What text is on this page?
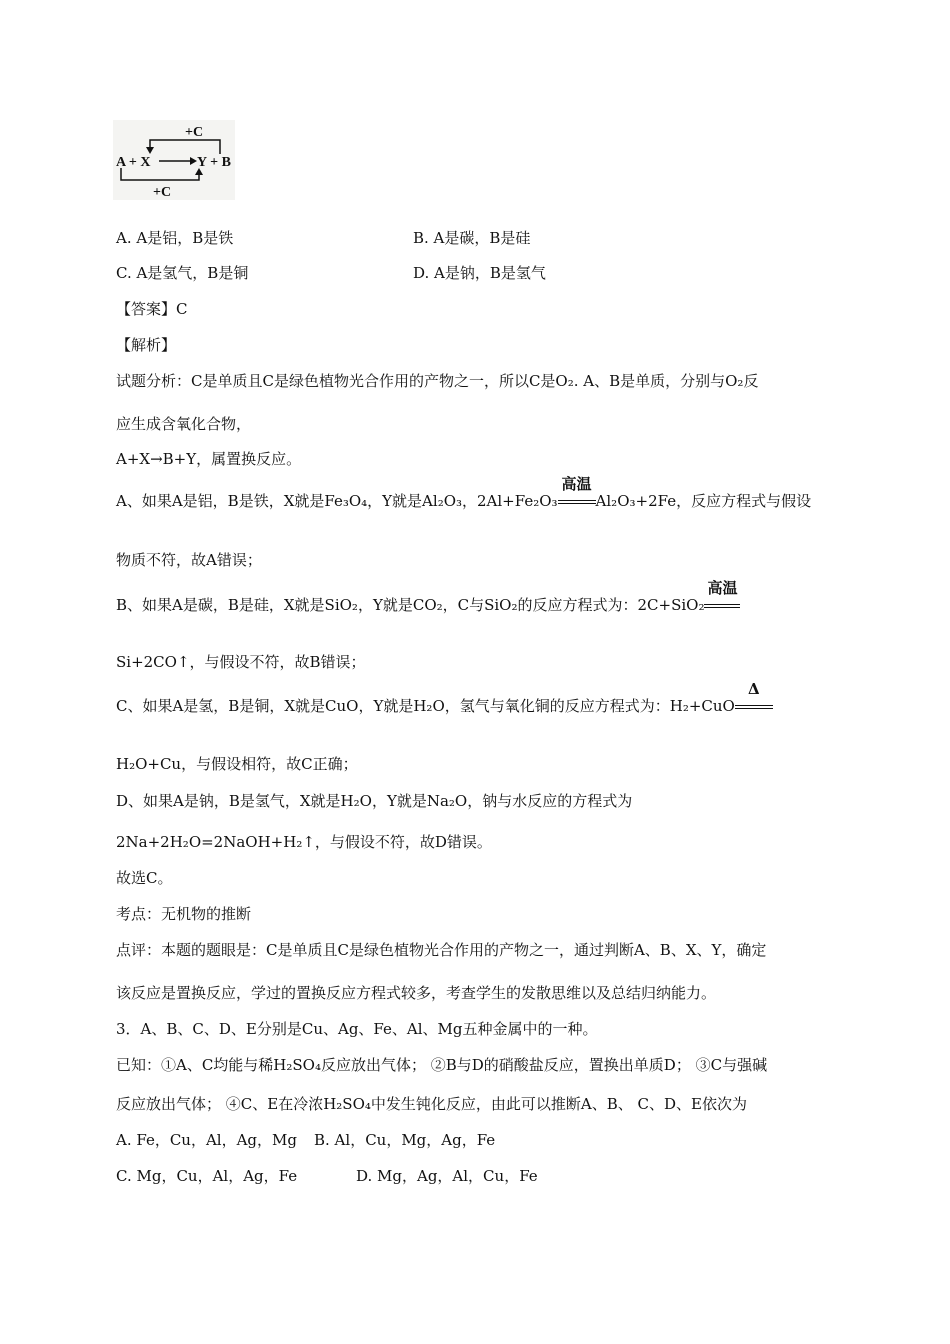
+C
A + X	Y + B
+C
A. A是铝，B是铁	B. A是碳，B是硅
C. A是氢气，B是铜	D. A是钠，B是氢气
【答案】C
【解析】
试题分析：C是单质且C是绿色植物光合作用的产物之一，所以C是O₂. A、B是单质，分别与O₂反
应生成含氧化合物，
A+X→B+Y，属置换反应。
A、如果A是铝，B是铁，X就是Fe₃O₄，Y就是Al₂O₃，2Al+Fe₂O₃
高温
Al₂O₃+2Fe，反应方程式与假设
物质不符，故A错误；
B、如果A是碳，B是硅，X就是SiO₂，Y就是CO₂，C与SiO₂的反应方程式为：2C+SiO₂
高温
Si+2CO↑，与假设不符，故B错误；
C、如果A是氢，B是铜，X就是CuO，Y就是H₂O，氢气与氧化铜的反应方程式为：H₂+CuO
Δ
H₂O+Cu，与假设相符，故C正确；
D、如果A是钠，B是氢气，X就是H₂O，Y就是Na₂O，钠与水反应的方程式为
2Na+2H₂O=2NaOH+H₂↑，与假设不符，故D错误。
故选C。
考点：无机物的推断
点评：本题的题眼是：C是单质且C是绿色植物光合作用的产物之一，通过判断A、B、X、Y，确定
该反应是置换反应，学过的置换反应方程式较多，考查学生的发散思维以及总结归纳能力。
3．A、B、C、D、E分别是Cu、Ag、Fe、Al、Mg五种金属中的一种。
已知：①A、C均能与稀H₂SO₄反应放出气体； ②B与D的硝酸盐反应，置换出单质D； ③C与强碱
反应放出气体； ④C、E在冷浓H₂SO₄中发生钝化反应，由此可以推断A、B、 C、D、E依次为
A. Fe，Cu，Al，Ag，Mg B. Al，Cu，Mg，Ag，Fe
C. Mg，Cu，Al，Ag，Fe	D. Mg，Ag，Al，Cu，Fe
